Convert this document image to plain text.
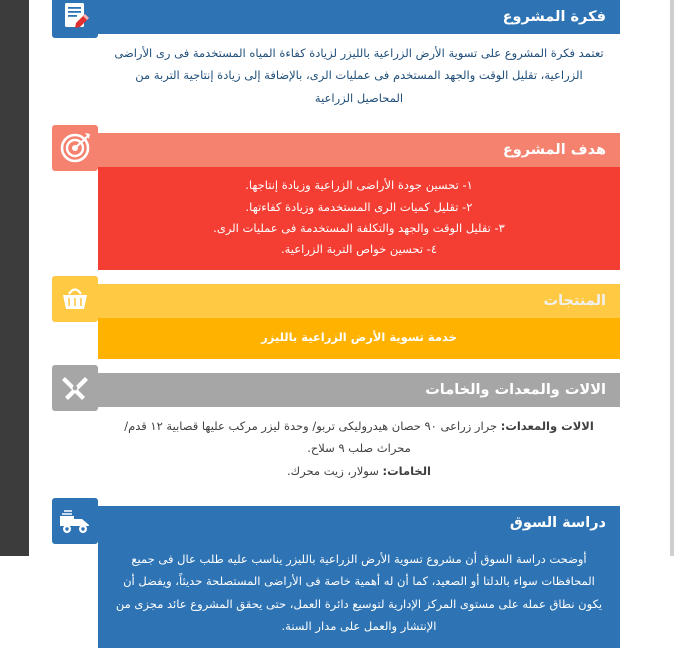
فكرة المشروع

تعتمد فكرة المشروع على تسوية الأرض الزراعية بالليزر لزيادة كفاءة المياه المستخدمة فى رى الأراضى الزراعية، تقليل الوقت والجهد المستخدم فى عمليات الرى، بالإضافة إلى زيادة إنتاجية التربة من المحاصيل الزراعية

هدف المشروع

١- تحسين جودة الأراضى الزراعية وزيادة إنتاجها.

٢- تقليل كميات الرى المستخدمة وزيادة كفاءتها.

٣- تقليل الوقت والجهد والتكلفة المستخدمة فى عمليات الرى.

٤- تحسين خواص التربة الزراعية.

المنتجات

خدمة تسوية الأرض الزراعية بالليزر

الالات والمعدات والخامات

الالات والمعدات: جرار زراعى ٩٠ حصان هيدروليكى تربو/ وحدة ليزر مركب عليها قصابية ١٢ قدم/ محراث صلب ٩ سلاح.

الخامات: سولار، زيت محرك.

دراسة السوق

أوضحت دراسة السوق أن مشروع تسوية الأرض الزراعية بالليزر يناسب عليه طلب عال فى جميع المحافظات سواء بالدلتا أو الصعيد، كما أن له أهمية خاصة فى الأراضى المستصلحة حديثاً، ويفضل أن يكون نطاق عمله على مستوى المركز الإدارية لتوسيع دائرة العمل، حتى يحقق المشروع عائد مجزى من الإنتشار والعمل على مدار السنة.
